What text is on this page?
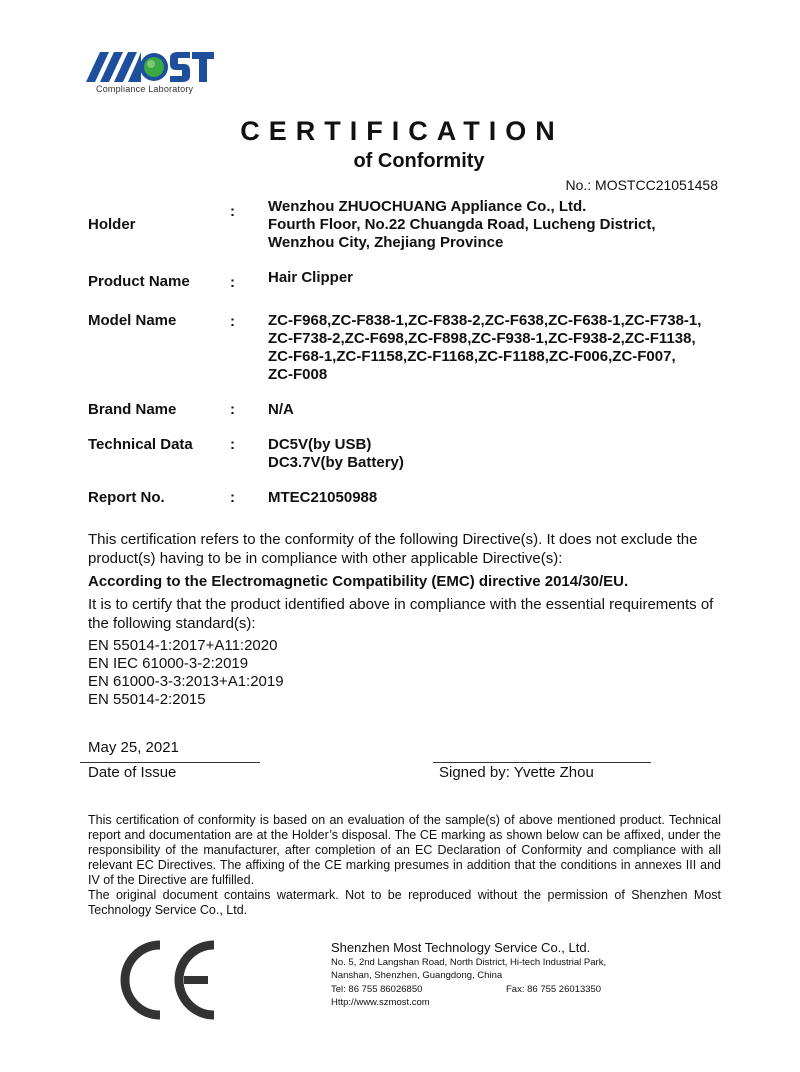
Compliance Laboratory
CERTIFICATION
of Conformity
No.: MOSTCC21051458
Holder
: Wenzhou ZHUOCHUANG Appliance Co., Ltd.
Fourth Floor, No.22 Chuangda Road, Lucheng District,
Wenzhou City, Zhejiang Province
Product Name	: Hair Clipper
Model Name	: ZC-F968,ZC-F838-1,ZC-F838-2,ZC-F638,ZC-F638-1,ZC-F738-1,
ZC-F738-2,ZC-F698,ZC-F898,ZC-F938-1,ZC-F938-2,ZC-F1138,
ZC-F68-1,ZC-F1158,ZC-F1168,ZC-F1188,ZC-F006,ZC-F007,
ZC-F008
Brand Name	: N/A
Technical Data : DC5V(by USB)
DC3.7V(by Battery)
Report No.	: MTEC21050988
This certification refers to the conformity of the following Directive(s). It does not exclude the product(s) having to be in compliance with other applicable Directive(s):
According to the Electromagnetic Compatibility (EMC) directive 2014/30/EU.
It is to certify that the product identified above in compliance with the essential requirements of the following standard(s):
EN 55014-1:2017+A11:2020
EN IEC 61000-3-2:2019
EN 61000-3-3:2013+A1:2019
EN 55014-2:2015
May 25, 2021
Date of Issue	Signed by: Yvette Zhou

This certification of conformity is based on an evaluation of the sample(s) of above mentioned product. Technical report and documentation are at the Holder’s disposal. The CE marking as shown below can be affixed, under the responsibility of the manufacturer, after completion of an EC Declaration of Conformity and compliance with all relevant EC Directives. The affixing of the CE marking presumes in addition that the conditions in annexes III and IV of the Directive are fulfilled.

The original document contains watermark. Not to be reproduced without the permission of Shenzhen Most Technology Service Co., Ltd.

Shenzhen Most Technology Service Co., Ltd.
No. 5, 2nd Langshan Road, North District, Hi-tech Industrial Park,
Nanshan, Shenzhen, Guangdong, China
Tel: 86 755 86026850
Http://www.szmost.com
Fax: 86 755 26013350
